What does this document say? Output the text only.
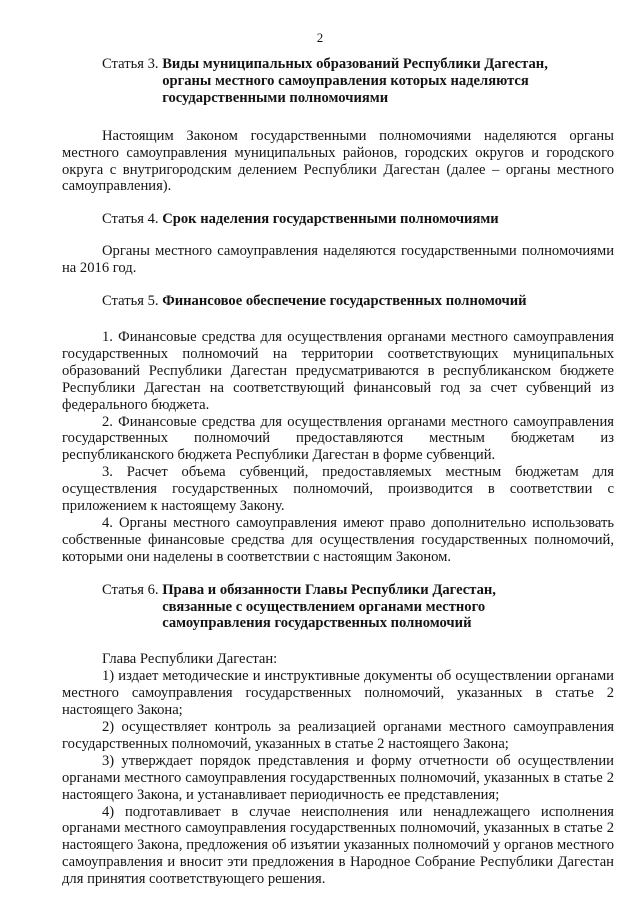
2
Статья 3. Виды муниципальных образований Республики Дагестан,
органы местного самоуправления которых наделяются
государственными полномочиями

Настоящим Законом государственными полномочиями наделяются органы местного самоуправления муниципальных районов, городских округов и городского округа с внутригородским делением Республики Дагестан (далее – органы местного самоуправления).

Статья 4. Срок наделения государственными полномочиями

Органы местного самоуправления наделяются государственными полномочиями на 2016 год.

Статья 5. Финансовое обеспечение государственных полномочий

1. Финансовые средства для осуществления органами местного самоуправления государственных полномочий на территории соответствующих муниципальных образований Республики Дагестан предусматриваются в республиканском бюджете Республики Дагестан на соответствующий финансовый год за счет субвенций из федерального бюджета.

2. Финансовые средства для осуществления органами местного самоуправления государственных полномочий предоставляются местным бюджетам из республиканского бюджета Республики Дагестан в форме субвенций.

3. Расчет объема субвенций, предоставляемых местным бюджетам для осуществления государственных полномочий, производится в соответствии с приложением к настоящему Закону.

4. Органы местного самоуправления имеют право дополнительно использовать собственные финансовые средства для осуществления государственных полномочий, которыми они наделены в соответствии с настоящим Законом.

Статья 6. Права и обязанности Главы Республики Дагестан,
связанные с осуществлением органами местного
самоуправления государственных полномочий

Глава Республики Дагестан:

1) издает методические и инструктивные документы об осуществлении органами местного самоуправления государственных полномочий, указанных в статье 2 настоящего Закона;

2) осуществляет контроль за реализацией органами местного самоуправления государственных полномочий, указанных в статье 2 настоящего Закона;

3) утверждает порядок представления и форму отчетности об осуществлении органами местного самоуправления государственных полномочий, указанных в статье 2 настоящего Закона, и устанавливает периодичность ее представления;

4) подготавливает в случае неисполнения или ненадлежащего исполнения органами местного самоуправления государственных полномочий, указанных в статье 2 настоящего Закона, предложения об изъятии указанных полномочий у органов местного самоуправления и вносит эти предложения в Народное Собрание Республики Дагестан для принятия соответствующего решения.
